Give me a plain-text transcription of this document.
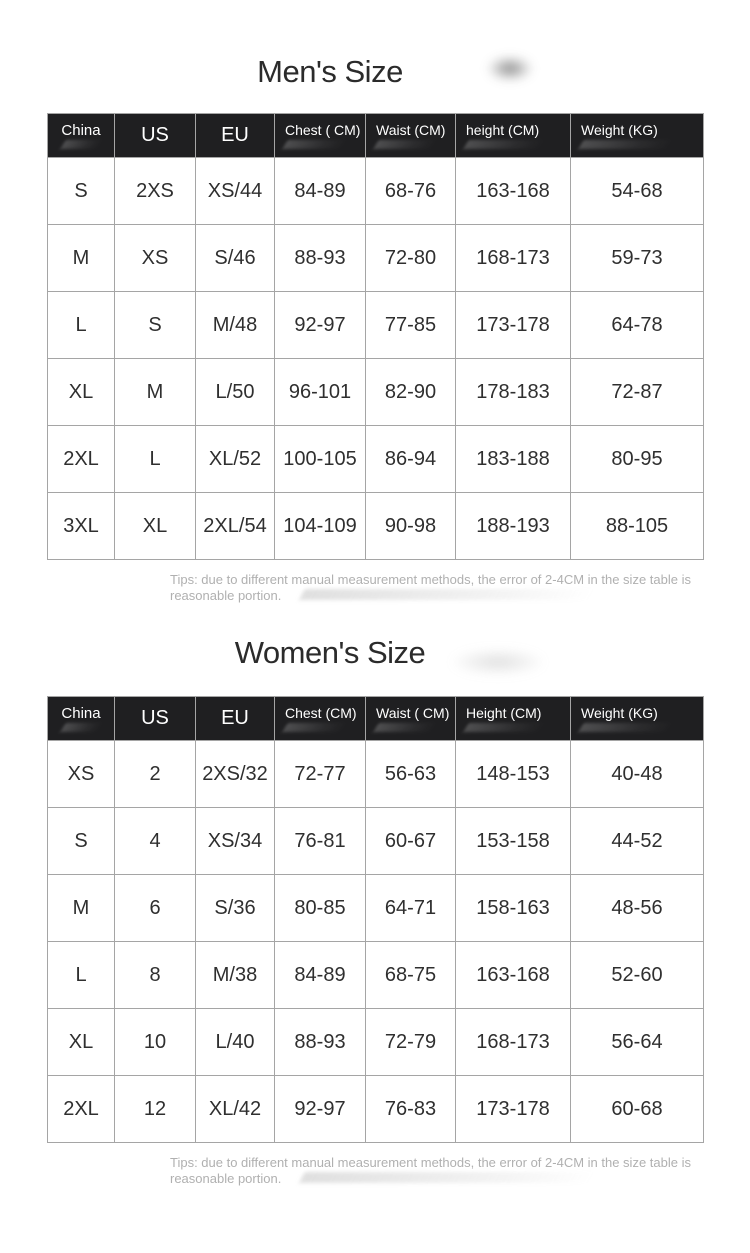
Men's Size
China	US	EU	Chest ( CM)	Waist (CM)	height (CM)	Weight (KG)

S	2XS	XS/44	84-89	68-76	163-168	54-68
M	XS	S/46	88-93	72-80	168-173	59-73
L	S	M/48	92-97	77-85	173-178	64-78
XL	M	L/50	96-101	82-90	178-183	72-87
2XL	L	XL/52	100-105	86-94	183-188	80-95
3XL	XL	2XL/54	104-109	90-98	188-193	88-105
Tips: due to different manual measurement methods, the error of 2-4CM in the size table is
reasonable portion.
Women's Size
China	US	EU	Chest (CM)	Waist ( CM)	Height (CM)	Weight (KG)

XS	2	2XS/32	72-77	56-63	148-153	40-48
S	4	XS/34	76-81	60-67	153-158	44-52
M	6	S/36	80-85	64-71	158-163	48-56
L	8	M/38	84-89	68-75	163-168	52-60
XL	10	L/40	88-93	72-79	168-173	56-64
2XL	12	XL/42	92-97	76-83	173-178	60-68
Tips: due to different manual measurement methods, the error of 2-4CM in the size table is
reasonable portion.
